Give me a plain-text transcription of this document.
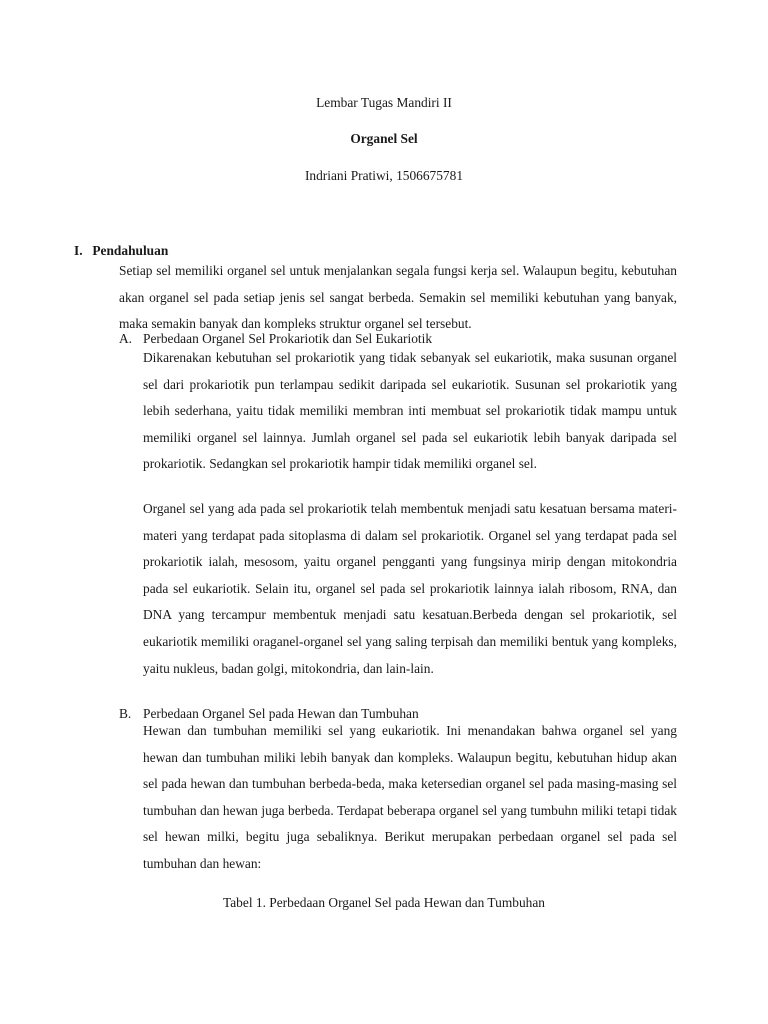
Lembar Tugas Mandiri II
Organel Sel
Indriani Pratiwi, 1506675781
I. Pendahuluan

Setiap sel memiliki organel sel untuk menjalankan segala fungsi kerja sel. Walaupun begitu, kebutuhan akan organel sel pada setiap jenis sel sangat berbeda. Semakin sel memiliki kebutuhan yang banyak, maka semakin banyak dan kompleks struktur organel sel tersebut.

A. Perbedaan Organel Sel Prokariotik dan Sel Eukariotik

Dikarenakan kebutuhan sel prokariotik yang tidak sebanyak sel eukariotik, maka susunan organel sel dari prokariotik pun terlampau sedikit daripada sel eukariotik. Susunan sel prokariotik yang lebih sederhana, yaitu tidak memiliki membran inti membuat sel prokariotik tidak mampu untuk memiliki organel sel lainnya. Jumlah organel sel pada sel eukariotik lebih banyak daripada sel prokariotik. Sedangkan sel prokariotik hampir tidak memiliki organel sel.

Organel sel yang ada pada sel prokariotik telah membentuk menjadi satu kesatuan bersama materi-materi yang terdapat pada sitoplasma di dalam sel prokariotik. Organel sel yang terdapat pada sel prokariotik ialah, mesosom, yaitu organel pengganti yang fungsinya mirip dengan mitokondria pada sel eukariotik. Selain itu, organel sel pada sel prokariotik lainnya ialah ribosom, RNA, dan DNA yang tercampur membentuk menjadi satu kesatuan.Berbeda dengan sel prokariotik, sel eukariotik memiliki oraganel-organel sel yang saling terpisah dan memiliki bentuk yang kompleks, yaitu nukleus, badan golgi, mitokondria, dan lain-lain.

B. Perbedaan Organel Sel pada Hewan dan Tumbuhan

Hewan dan tumbuhan memiliki sel yang eukariotik. Ini menandakan bahwa organel sel yang hewan dan tumbuhan miliki lebih banyak dan kompleks. Walaupun begitu, kebutuhan hidup akan sel pada hewan dan tumbuhan berbeda-beda, maka ketersedian organel sel pada masing-masing sel tumbuhan dan hewan juga berbeda. Terdapat beberapa organel sel yang tumbuhn miliki tetapi tidak sel hewan milki, begitu juga sebaliknya. Berikut merupakan perbedaan organel sel pada sel tumbuhan dan hewan:

Tabel 1. Perbedaan Organel Sel pada Hewan dan Tumbuhan
